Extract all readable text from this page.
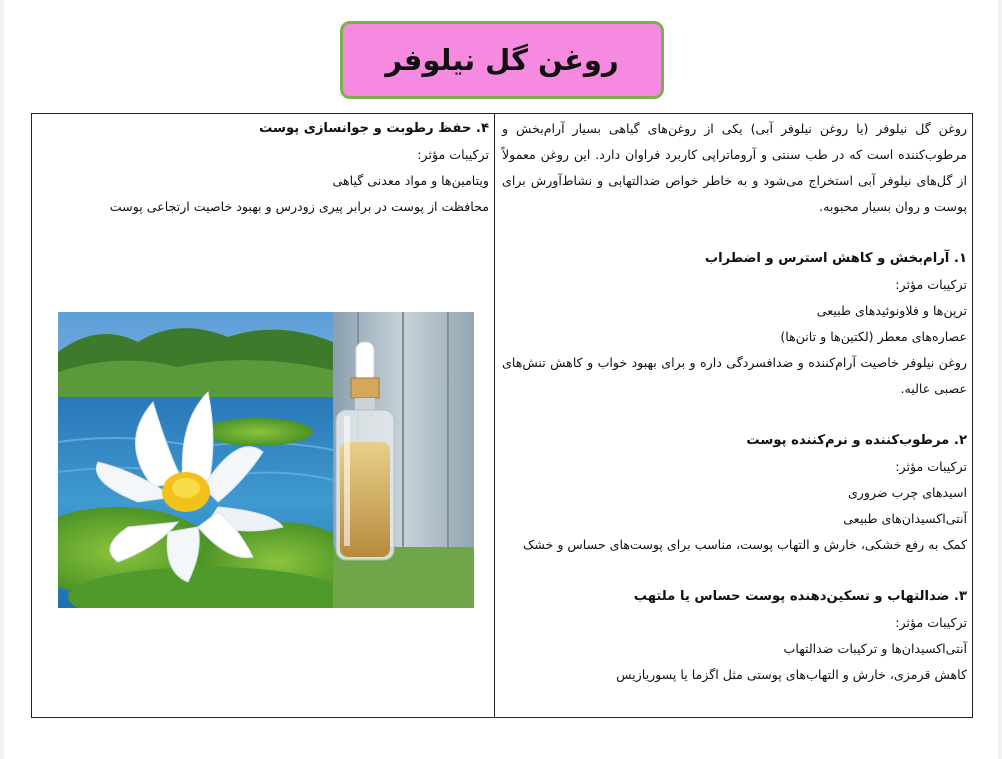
روغن گل نیلوفر

روغن گل نیلوفر (یا روغن نیلوفر آبی) یکی از روغن‌های گیاهی بسیار آرام‌بخش و مرطوب‌کننده است که در طب سنتی و آروماتراپی کاربرد فراوان دارد. این روغن معمولاً از گل‌های نیلوفر آبی استخراج می‌شود و به خاطر خواص ضدالتهابی و نشاط‌آورش برای پوست و روان بسیار محبوبه.

۱. آرام‌بخش و کاهش استرس و اضطراب

ترکیبات مؤثر:

ترپن‌ها و فلاونوئیدهای طبیعی

عصاره‌های معطر (لکتین‌ها و تانن‌ها)

روغن نیلوفر خاصیت آرام‌کننده و ضدافسردگی داره و برای بهبود خواب و کاهش تنش‌های عصبی عالیه.

۲. مرطوب‌کننده و نرم‌کننده پوست

ترکیبات مؤثر:

اسیدهای چرب ضروری

آنتی‌اکسیدان‌های طبیعی

کمک به رفع خشکی، خارش و التهاب پوست، مناسب برای پوست‌های حساس و خشک

۳. ضدالتهاب و تسکین‌دهنده پوست حساس یا ملتهب

ترکیبات مؤثر:

آنتی‌اکسیدان‌ها و ترکیبات ضدالتهاب

کاهش قرمزی، خارش و التهاب‌های پوستی مثل اگزما یا پسوریازیس

۴. حفظ رطوبت و جوانسازی پوست

ترکیبات مؤثر:

ویتامین‌ها و مواد معدنی گیاهی

محافظت از پوست در برابر پیری زودرس و بهبود خاصیت ارتجاعی پوست
